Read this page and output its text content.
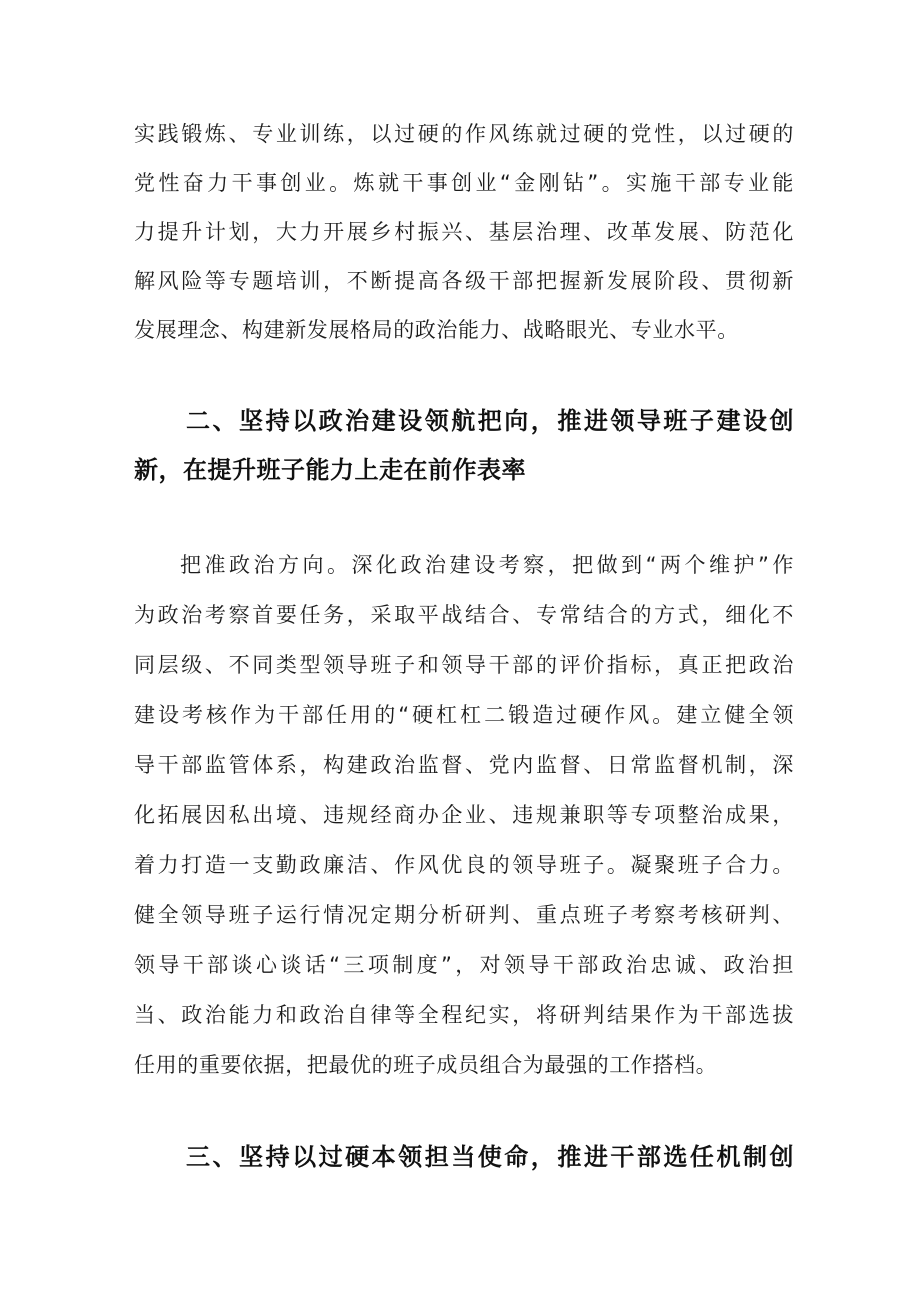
实践锻炼、专业训练，以过硬的作风练就过硬的党性，以过硬的
党性奋力干事创业。炼就干事创业“金刚钻”。实施干部专业能
力提升计划，大力开展乡村振兴、基层治理、改革发展、防范化
解风险等专题培训，不断提高各级干部把握新发展阶段、贯彻新
发展理念、构建新发展格局的政治能力、战略眼光、专业水平。
二、坚持以政治建设领航把向，推进领导班子建设创
新，在提升班子能力上走在前作表率
把准政治方向。深化政治建设考察，把做到“两个维护”作
为政治考察首要任务，采取平战结合、专常结合的方式，细化不
同层级、不同类型领导班子和领导干部的评价指标，真正把政治
建设考核作为干部任用的“硬杠杠二锻造过硬作风。建立健全领
导干部监管体系，构建政治监督、党内监督、日常监督机制，深
化拓展因私出境、违规经商办企业、违规兼职等专项整治成果，
着力打造一支勤政廉洁、作风优良的领导班子。凝聚班子合力。
健全领导班子运行情况定期分析研判、重点班子考察考核研判、
领导干部谈心谈话“三项制度”，对领导干部政治忠诚、政治担
当、政治能力和政治自律等全程纪实，将研判结果作为干部选拔
任用的重要依据，把最优的班子成员组合为最强的工作搭档。
三、坚持以过硬本领担当使命，推进干部选任机制创
